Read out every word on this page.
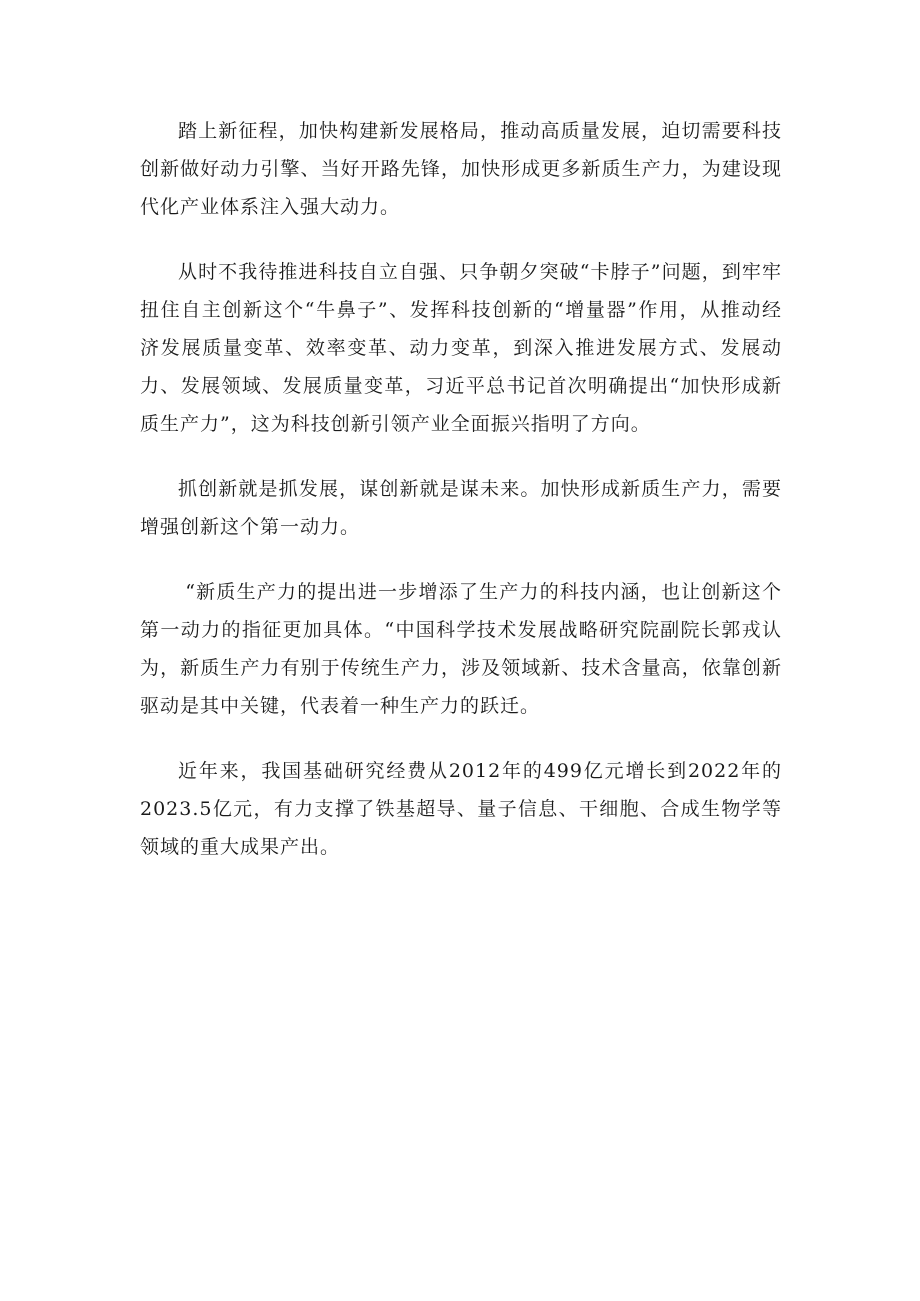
踏上新征程，加快构建新发展格局，推动高质量发展，迫切需要科技创新做好动力引擎、当好开路先锋，加快形成更多新质生产力，为建设现代化产业体系注入强大动力。

从时不我待推进科技自立自强、只争朝夕突破“卡脖子”问题，到牢牢扭住自主创新这个“牛鼻子”、发挥科技创新的“增量器”作用，从推动经济发展质量变革、效率变革、动力变革，到深入推进发展方式、发展动力、发展领域、发展质量变革，习近平总书记首次明确提出“加快形成新质生产力”，这为科技创新引领产业全面振兴指明了方向。

抓创新就是抓发展，谋创新就是谋未来。加快形成新质生产力，需要增强创新这个第一动力。

“新质生产力的提出进一步增添了生产力的科技内涵，也让创新这个第一动力的指征更加具体。“中国科学技术发展战略研究院副院长郭戎认为，新质生产力有别于传统生产力，涉及领域新、技术含量高，依靠创新驱动是其中关键，代表着一种生产力的跃迁。

近年来，我国基础研究经费从2012年的499亿元增长到2022年的2023.5亿元，有力支撑了铁基超导、量子信息、干细胞、合成生物学等领域的重大成果产出。
